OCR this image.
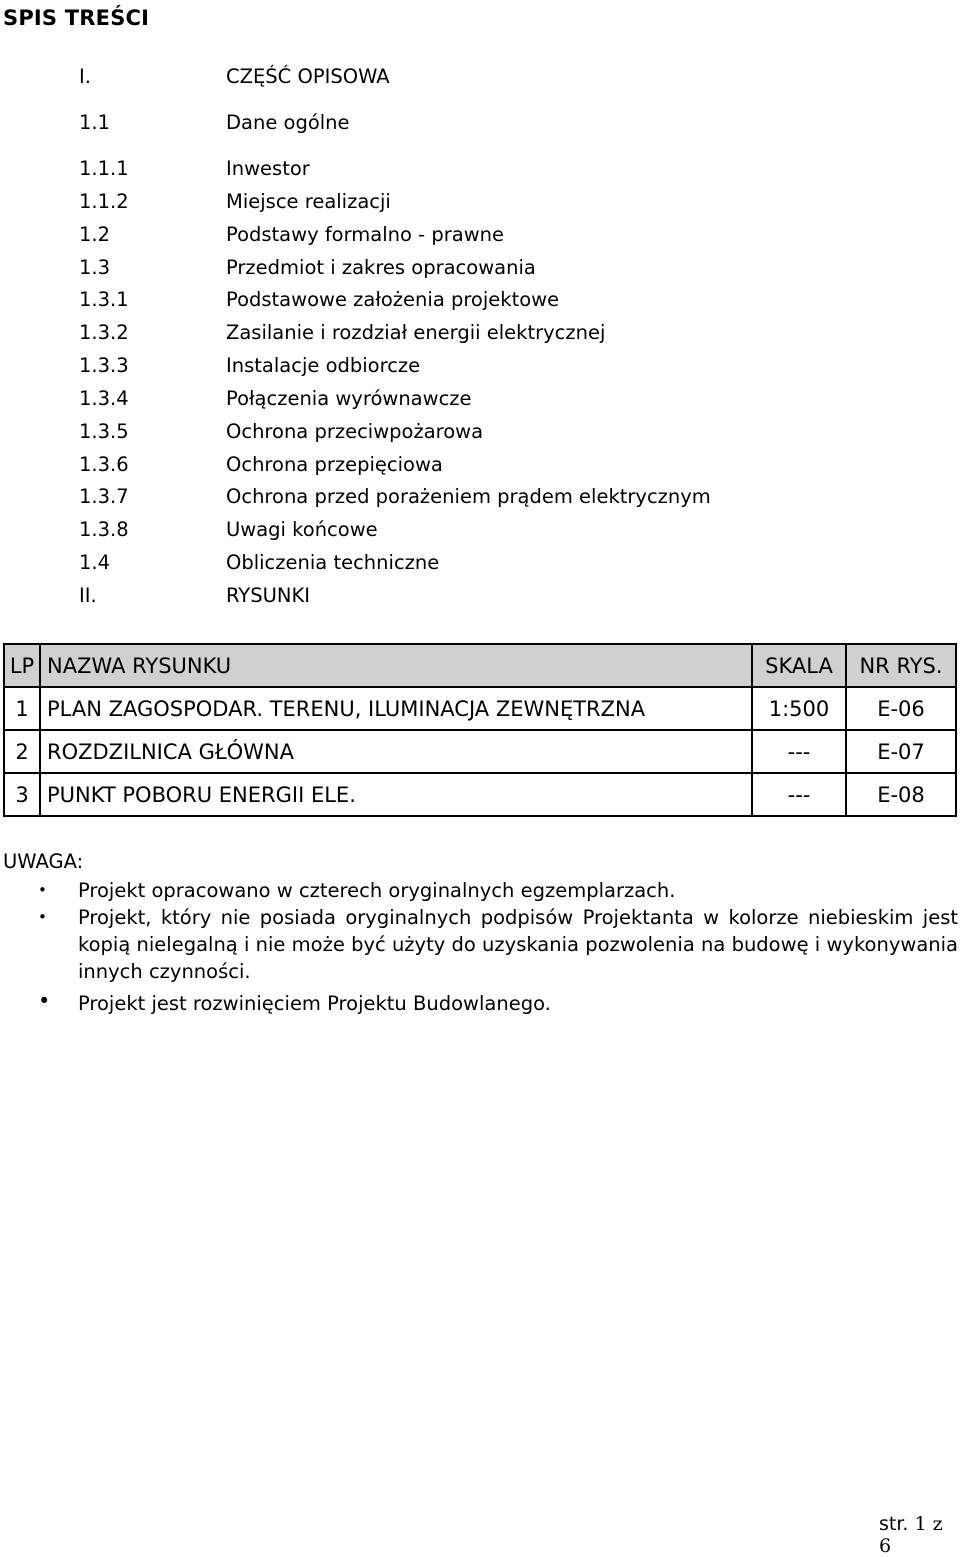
SPIS TREŚCI
I.	CZĘŚĆ OPISOWA
1.1	Dane ogólne
1.1.1	Inwestor
1.1.2	Miejsce realizacji
1.2	Podstawy formalno - prawne
1.3	Przedmiot i zakres opracowania
1.3.1	Podstawowe założenia projektowe
1.3.2	Zasilanie i rozdział energii elektrycznej
1.3.3	Instalacje odbiorcze
1.3.4	Połączenia wyrównawcze
1.3.5	Ochrona przeciwpożarowa
1.3.6	Ochrona przepięciowa
1.3.7	Ochrona przed porażeniem prądem elektrycznym
1.3.8	Uwagi końcowe
1.4	Obliczenia techniczne
II.	RYSUNKI
LP	NAZWA RYSUNKU	SKALA	NR RYS.
1	PLAN ZAGOSPODAR. TERENU, ILUMINACJA ZEWNĘTRZNA	1:500	E-06
2	ROZDZILNICA GŁÓWNA	---	E-07
3	PUNKT POBORU ENERGII ELE.	---	E-08
UWAGA:
• Projekt opracowano w czterech oryginalnych egzemplarzach.
• Projekt, który nie posiada oryginalnych podpisów Projektanta w kolorze niebieskim jest kopią nielegalną i nie może być użyty do uzyskania pozwolenia na budowę i wykonywania innych czynności.
• Projekt jest rozwinięciem Projektu Budowlanego.
str. 1 z 6
